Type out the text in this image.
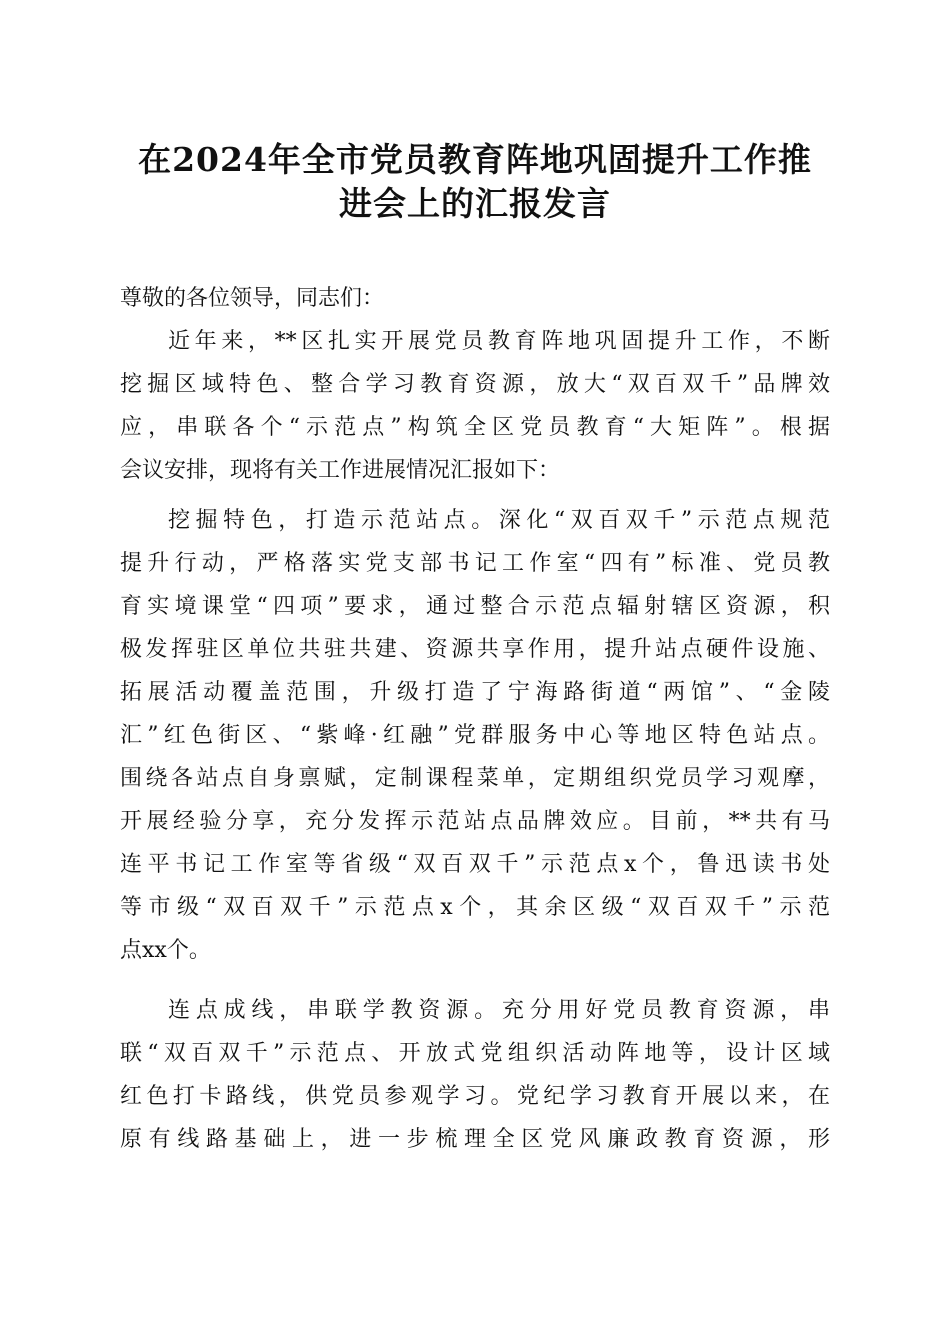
在2024年全市党员教育阵地巩固提升工作推
进会上的汇报发言

尊敬的各位领导，同志们：

近年来，**区扎实开展党员教育阵地巩固提升工作，不断

挖掘区域特色、整合学习教育资源，放大“双百双千”品牌效

应，串联各个“示范点”构筑全区党员教育“大矩阵”。根据

会议安排，现将有关工作进展情况汇报如下：

挖掘特色，打造示范站点。深化“双百双千”示范点规范

提升行动，严格落实党支部书记工作室“四有”标准、党员教

育实境课堂“四项”要求，通过整合示范点辐射辖区资源，积

极发挥驻区单位共驻共建、资源共享作用，提升站点硬件设施、

拓展活动覆盖范围，升级打造了宁海路街道“两馆”、“金陵

汇”红色街区、“紫峰·红融”党群服务中心等地区特色站点。

围绕各站点自身禀赋，定制课程菜单，定期组织党员学习观摩，

开展经验分享，充分发挥示范站点品牌效应。目前，**共有马

连平书记工作室等省级“双百双千”示范点x个，鲁迅读书处

等市级“双百双千”示范点x个，其余区级“双百双千”示范

点xx个。

连点成线，串联学教资源。充分用好党员教育资源，串

联“双百双千”示范点、开放式党组织活动阵地等，设计区域

红色打卡路线，供党员参观学习。党纪学习教育开展以来，在

原有线路基础上，进一步梳理全区党风廉政教育资源，形
